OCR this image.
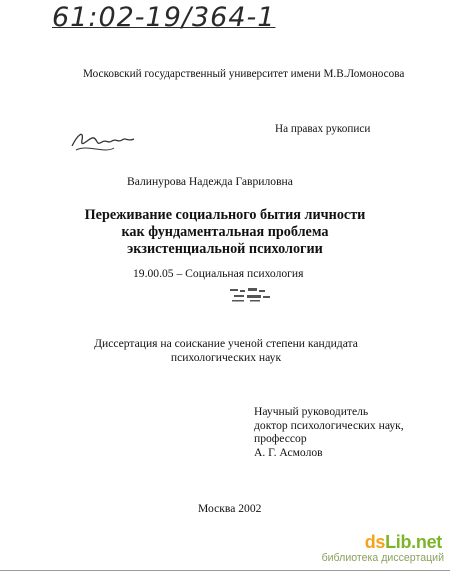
61:02-19/364-1
Московский государственный университет имени М.В.Ломоносова
На правах рукописи
Валинурова Надежда Гавриловна
Переживание социального бытия личности
как фундаментальная проблема
экзистенциальной психологии
19.00.05 – Социальная психология
Диссертация на соискание ученой степени кандидата
психологических наук
Научный руководитель
доктор психологических наук,
профессор
А. Г. Асмолов
Москва 2002
dsLib.net
библиотека диссертаций
